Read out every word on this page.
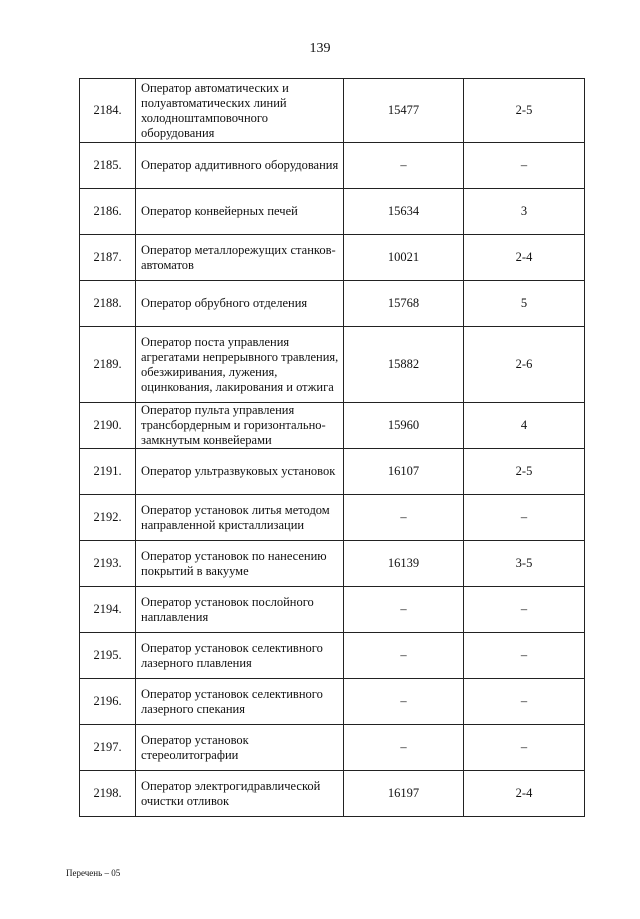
139
2184.	Оператор автоматических и полуавтоматических линий холодноштамповочного оборудования	15477	2-5
2185.	Оператор аддитивного оборудования	–	–
2186.	Оператор конвейерных печей	15634	3
2187.	Оператор металлорежущих станков-автоматов	10021	2-4
2188.	Оператор обрубного отделения	15768	5
2189.	Оператор поста управления агрегатами непрерывного травления, обезжиривания, лужения, оцинкования, лакирования и отжига	15882	2-6
2190.	Оператор пульта управления трансбордерным и горизонтально-замкнутым конвейерами	15960	4
2191.	Оператор ультразвуковых установок	16107	2-5
2192.	Оператор установок литья методом направленной кристаллизации	–	–
2193.	Оператор установок по нанесению покрытий в вакууме	16139	3-5
2194.	Оператор установок послойного наплавления	–	–
2195.	Оператор установок селективного лазерного плавления	–	–
2196.	Оператор установок селективного лазерного спекания	–	–
2197.	Оператор установок стереолитографии	–	–
2198.	Оператор электрогидравлической очистки отливок	16197	2-4
Перечень – 05
